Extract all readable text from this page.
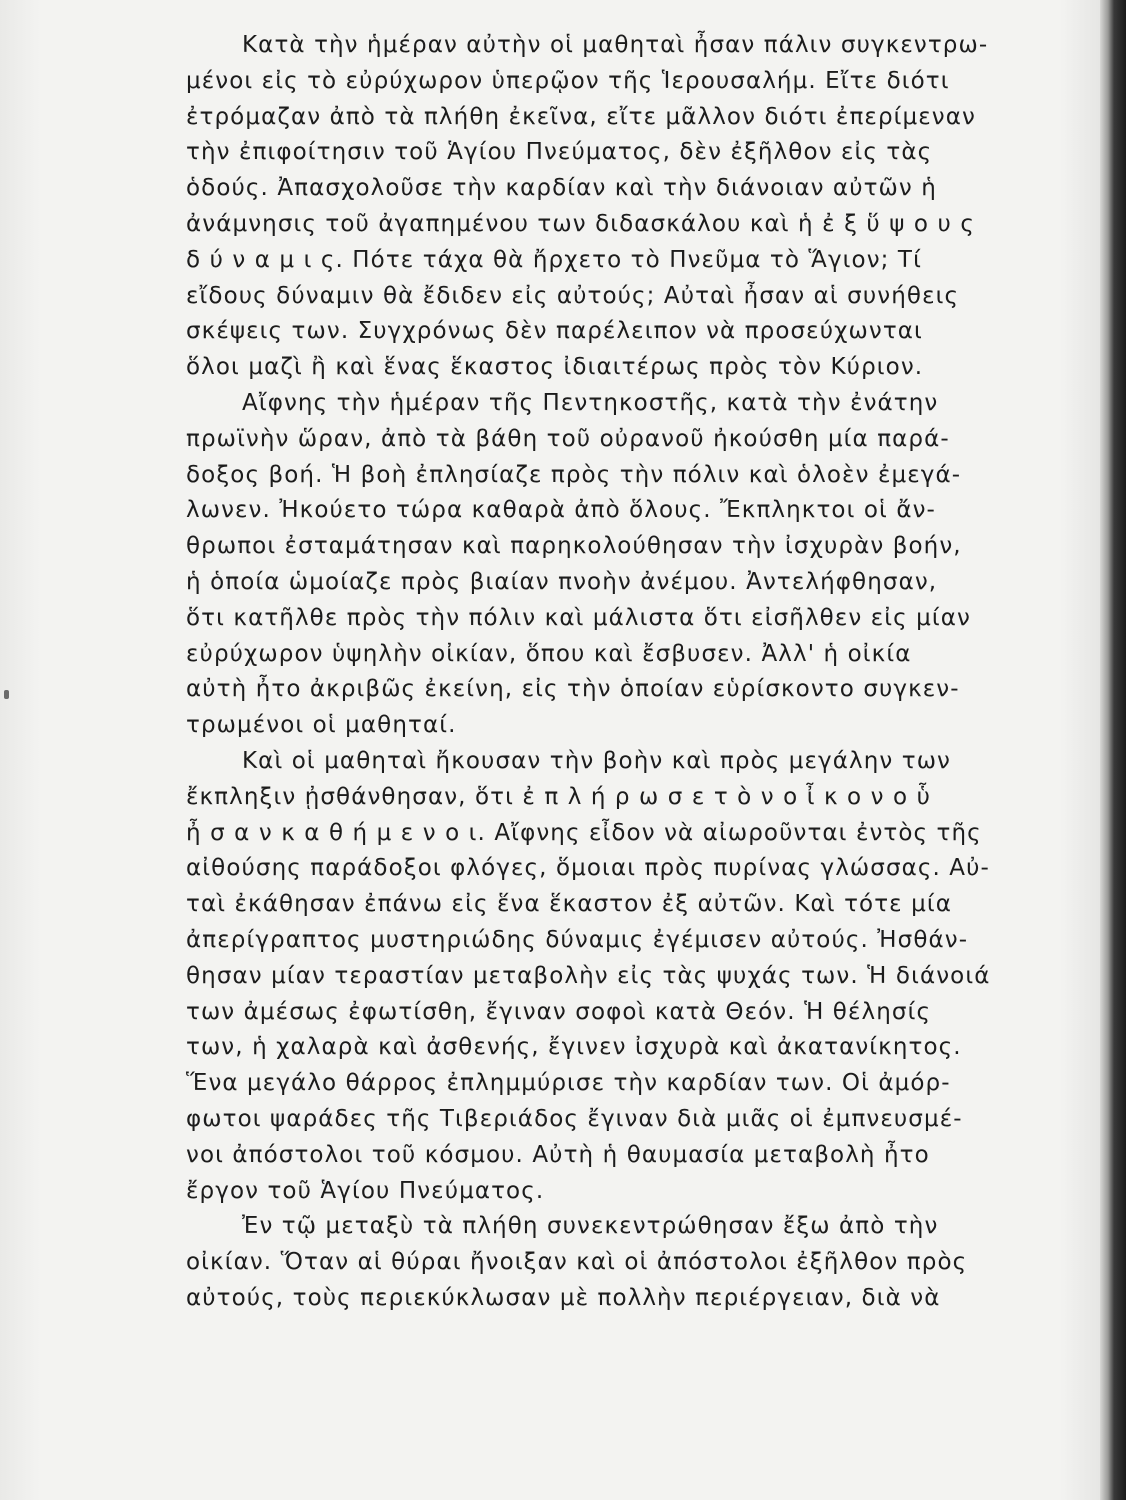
Κατὰ τὴν ἡμέραν αὐτὴν οἱ μαθηταὶ ἦσαν πάλιν συγκεντρω-
μένοι εἰς τὸ εὐρύχωρον ὑπερῷον τῆς Ἱερουσαλήμ. Εἴτε διότι
ἐτρόμαζαν ἀπὸ τὰ πλήθη ἐκεῖνα, εἴτε μᾶλλον διότι ἐπερίμεναν
τὴν ἐπιφοίτησιν τοῦ Ἁγίου Πνεύματος, δὲν ἐξῆλθον εἰς τὰς
ὁδούς. Ἀπασχολοῦσε τὴν καρδίαν καὶ τὴν διάνοιαν αὐτῶν ἡ
ἀνάμνησις τοῦ ἀγαπημένου των διδασκάλου καὶ ἡ ἐ ξ ὕ ψ ο υ ς
δ ύ ν α μ ι ς. Πότε τάχα θὰ ἤρχετο τὸ Πνεῦμα τὸ Ἅγιον; Τί
εἴδους δύναμιν θὰ ἔδιδεν εἰς αὐτούς; Αὐταὶ ἦσαν αἱ συνήθεις
σκέψεις των. Συγχρόνως δὲν παρέλειπον νὰ προσεύχωνται
ὅλοι μαζὶ ἢ καὶ ἕνας ἕκαστος ἰδιαιτέρως πρὸς τὸν Κύριον.
Αἴφνης τὴν ἡμέραν τῆς Πεντηκοστῆς, κατὰ τὴν ἐνάτην
πρωϊνὴν ὥραν, ἀπὸ τὰ βάθη τοῦ οὐρανοῦ ἠκούσθη μία παρά-
δοξος βοή. Ἡ βοὴ ἐπλησίαζε πρὸς τὴν πόλιν καὶ ὁλοὲν ἐμεγά-
λωνεν. Ἠκούετο τώρα καθαρὰ ἀπὸ ὅλους. Ἔκπληκτοι οἱ ἄν-
θρωποι ἐσταμάτησαν καὶ παρηκολούθησαν τὴν ἰσχυρὰν βοήν,
ἡ ὁποία ὡμοίαζε πρὸς βιαίαν πνοὴν ἀνέμου. Ἀντελήφθησαν,
ὅτι κατῆλθε πρὸς τὴν πόλιν καὶ μάλιστα ὅτι εἰσῆλθεν εἰς μίαν
εὐρύχωρον ὑψηλὴν οἰκίαν, ὅπου καὶ ἔσβυσεν. Ἀλλ' ἡ οἰκία
αὐτὴ ἦτο ἀκριβῶς ἐκείνη, εἰς τὴν ὁποίαν εὑρίσκοντο συγκεν-
τρωμένοι οἱ μαθηταί.
Καὶ οἱ μαθηταὶ ἤκουσαν τὴν βοὴν καὶ πρὸς μεγάλην των
ἔκπληξιν ᾐσθάνθησαν, ὅτι ἐ π λ ή ρ ω σ ε τ ὸ ν ο ἶ κ ο ν ο ὗ
ἦ σ α ν κ α θ ή μ ε ν ο ι. Αἴφνης εἶδον νὰ αἰωροῦνται ἐντὸς τῆς
αἰθούσης παράδοξοι φλόγες, ὅμοιαι πρὸς πυρίνας γλώσσας. Αὐ-
ταὶ ἐκάθησαν ἐπάνω εἰς ἕνα ἕκαστον ἐξ αὐτῶν. Καὶ τότε μία
ἀπερίγραπτος μυστηριώδης δύναμις ἐγέμισεν αὐτούς. Ἠσθάν-
θησαν μίαν τεραστίαν μεταβολὴν εἰς τὰς ψυχάς των. Ἡ διάνοιά
των ἀμέσως ἐφωτίσθη, ἔγιναν σοφοὶ κατὰ Θεόν. Ἡ θέλησίς
των, ἡ χαλαρὰ καὶ ἀσθενής, ἔγινεν ἰσχυρὰ καὶ ἀκατανίκητος.
Ἕνα μεγάλο θάρρος ἐπλημμύρισε τὴν καρδίαν των. Οἱ ἀμόρ-
φωτοι ψαράδες τῆς Τιβεριάδος ἔγιναν διὰ μιᾶς οἱ ἐμπνευσμέ-
νοι ἀπόστολοι τοῦ κόσμου. Αὐτὴ ἡ θαυμασία μεταβολὴ ἦτο
ἔργον τοῦ Ἁγίου Πνεύματος.
Ἐν τῷ μεταξὺ τὰ πλήθη συνεκεντρώθησαν ἔξω ἀπὸ τὴν
οἰκίαν. Ὅταν αἱ θύραι ἤνοιξαν καὶ οἱ ἀπόστολοι ἐξῆλθον πρὸς
αὐτούς, τοὺς περιεκύκλωσαν μὲ πολλὴν περιέργειαν, διὰ νὰ
